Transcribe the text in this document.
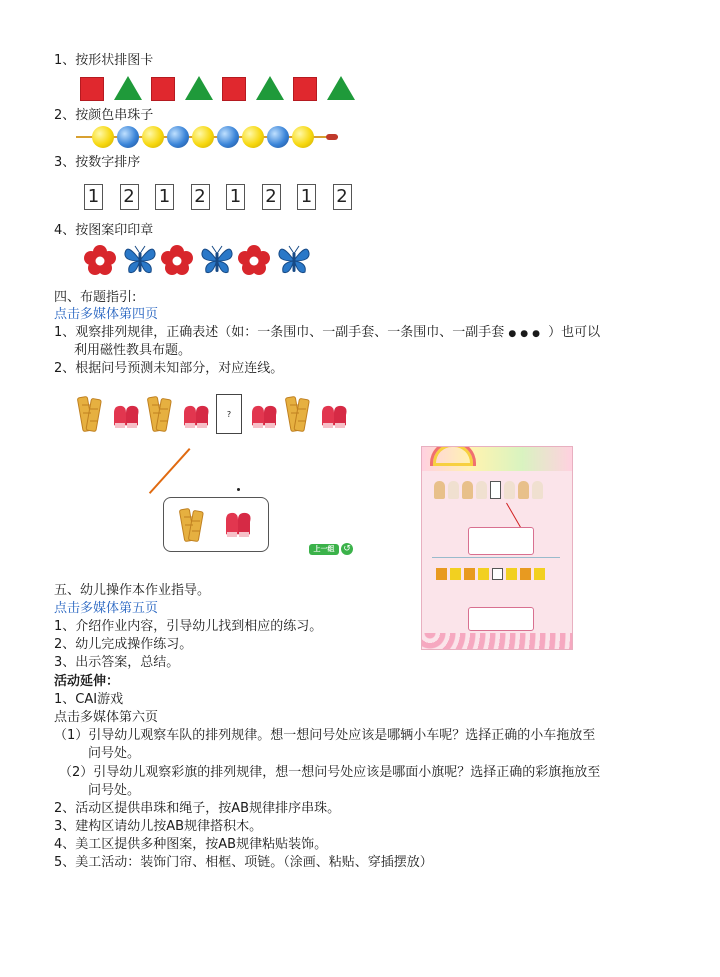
1、按形状排图卡
2、按颜色串珠子
3、按数字排序
1 2 1 2 1 2 1 2
4、按图案印印章
四、布题指引:
点击多媒体第四页
1、观察排列规律，正确表述（如：一条围巾、一副手套、一条围巾、一副手套 ●●● ）也可以
利用磁性教具布题。
2、根据问号预测未知部分，对应连线。
?
上一组 ↺
五、幼儿操作本作业指导。
点击多媒体第五页
1、介绍作业内容，引导幼儿找到相应的练习。
2、幼儿完成操作练习。
3、出示答案，总结。
活动延伸：
1、CAI游戏
点击多媒体第六页
（1）引导幼儿观察车队的排列规律。想一想问号处应该是哪辆小车呢？选择正确的小车拖放至
问号处。
（2）引导幼儿观察彩旗的排列规律，想一想问号处应该是哪面小旗呢？选择正确的彩旗拖放至
问号处。
2、活动区提供串珠和绳子，按AB规律排序串珠。
3、建构区请幼儿按AB规律搭积木。
4、美工区提供多种图案，按AB规律粘贴装饰。
5、美工活动：装饰门帘、相框、项链。（涂画、粘贴、穿插摆放）
